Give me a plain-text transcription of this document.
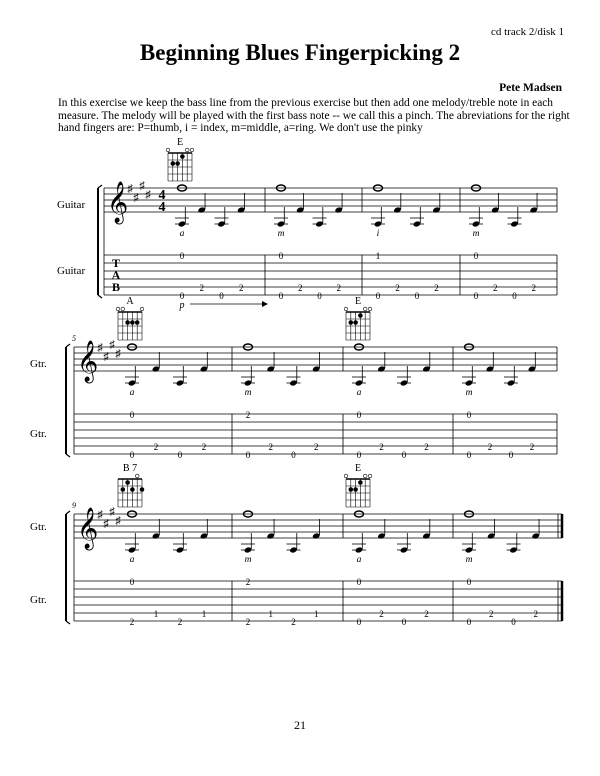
cd track 2/disk 1
Beginning Blues Fingerpicking 2
Pete Madsen
In this exercise we keep the bass line from the previous exercise but then add one melody/treble note in each measure. The melody will be played with the first bass note -- we call this a pinch. The abreviations for the right hand fingers are: P=thumb, i = index, m=middle, a=ring. We don't use the pinky
Guitar
Guitar
𝄞
♯
♯
♯
♯ 4
4
T
A
B
E
0
2
0
2
a
0
0
2
0
2
m
0
0
2
0
2
i
1
0
2
0
2
m
0
p
Gtr.
Gtr.
𝄞
♯
♯
♯
♯
5
A	E
0
2
0
2
a
0
0
2
0
2
m
2
0
2
0
2
a
0
0
2
0
2
m
0
Gtr.
Gtr.
𝄞
♯
♯
♯
♯
9
B 7	E
2
1
2
1
a
0
2
1
2
1
m
2
0
2
0
2
a
0
0
2
0
2
m
0
21
